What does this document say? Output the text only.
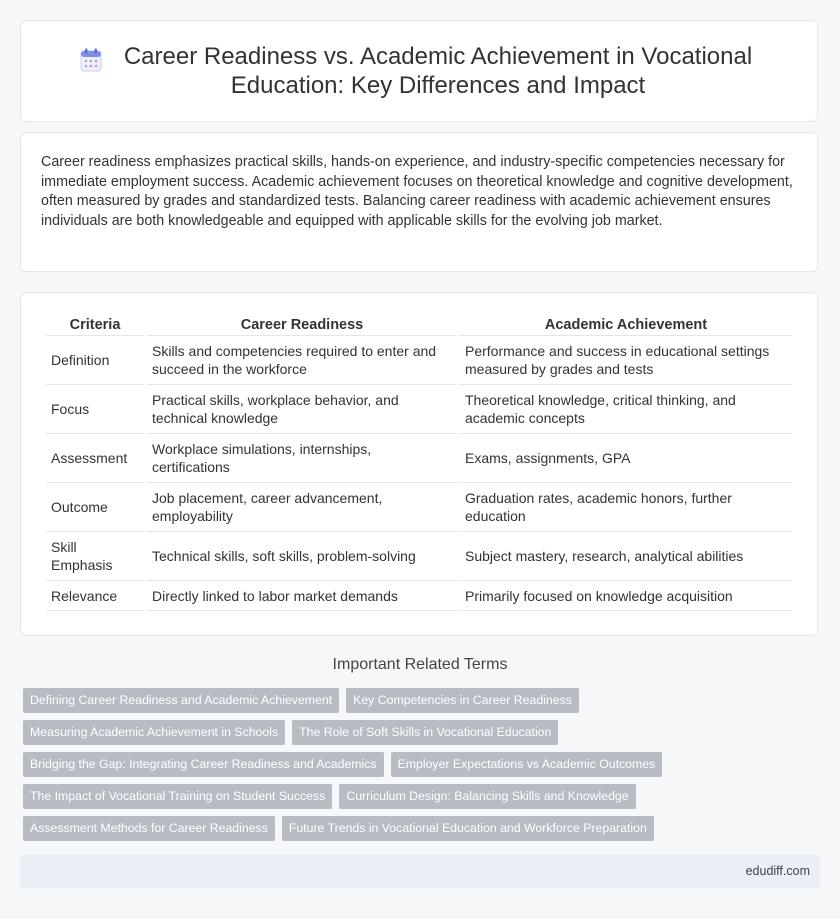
Career Readiness vs. Academic Achievement in Vocational Education: Key Differences and Impact

Career readiness emphasizes practical skills, hands-on experience, and industry-specific competencies necessary for immediate employment success. Academic achievement focuses on theoretical knowledge and cognitive development, often measured by grades and standardized tests. Balancing career readiness with academic achievement ensures individuals are both knowledgeable and equipped with applicable skills for the evolving job market.

Criteria	Career Readiness	Academic Achievement
Definition	Skills and competencies required to enter and succeed in the workforce	Performance and success in educational settings measured by grades and tests
Focus	Practical skills, workplace behavior, and technical knowledge	Theoretical knowledge, critical thinking, and academic concepts
Assessment	Workplace simulations, internships, certifications	Exams, assignments, GPA
Outcome	Job placement, career advancement, employability	Graduation rates, academic honors, further education
Skill Emphasis	Technical skills, soft skills, problem-solving	Subject mastery, research, analytical abilities
Relevance	Directly linked to labor market demands	Primarily focused on knowledge acquisition
Important Related Terms
Defining Career Readiness and Academic Achievement	Key Competencies in Career Readiness
Measuring Academic Achievement in Schools	The Role of Soft Skills in Vocational Education
Bridging the Gap: Integrating Career Readiness and Academics	Employer Expectations vs Academic Outcomes
The Impact of Vocational Training on Student Success	Curriculum Design: Balancing Skills and Knowledge
Assessment Methods for Career Readiness	Future Trends in Vocational Education and Workforce Preparation
edudiff.com
